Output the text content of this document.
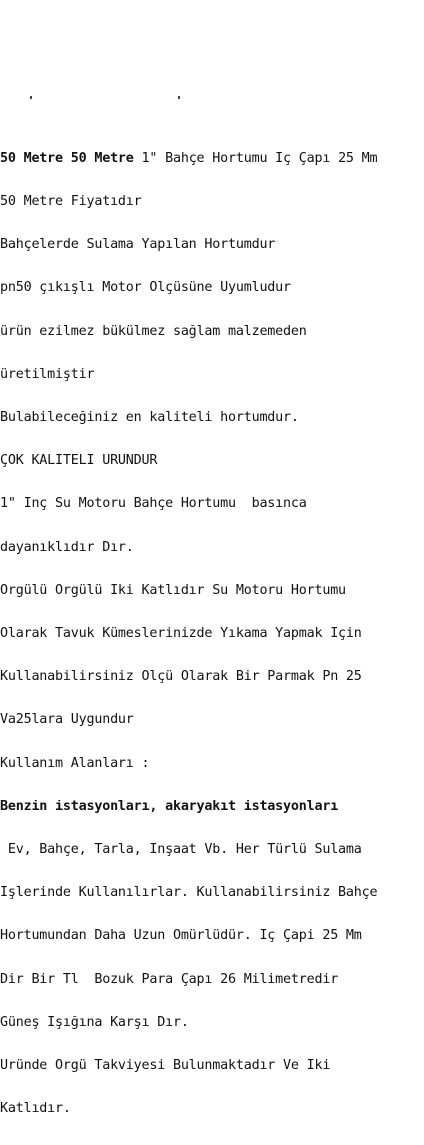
50 Metre 50 Metre 1" Bahçe Hortumu İç Çapı 25 Mm

50 Metre Fiyatıdır

Bahçelerde Sulama Yapılan Hortumdur

pn50 çıkışlı Motor Ölçüsüne Uyumludur

ürün ezilmez bükülmez sağlam malzemeden

üretilmiştir

Bulabileceğiniz en kaliteli hortumdur.

ÇOK KALİTELİ ÜRÜNDÜR

1" İnç Su Motoru Bahçe Hortumu  basınca

dayanıklıdır Dır.

Örgülü Örgülü İki Katlıdır Su Motoru Hortumu

Olarak Tavuk Kümeslerinizde Yıkama Yapmak İçin

Kullanabilirsiniz Ölçü Olarak Bir Parmak Pn 25

Va25lara Uygundur

Kullanım Alanları :

Benzin istasyonları, akaryakıt istasyonları

Ev, Bahçe, Tarla, İnşaat Vb. Her Türlü Sulama

İşlerinde Kullanılırlar. Kullanabilirsiniz Bahçe

Hortumundan Daha Uzun Ömürlüdür. İç Çapi 25 Mm

Dir Bir Tl  Bozuk Para Çapı 26 Milimetredir

Güneş Işığına Karşı Dır.

Üründe Örgü Takviyesi Bulunmaktadır Ve İki

Katlıdır.
